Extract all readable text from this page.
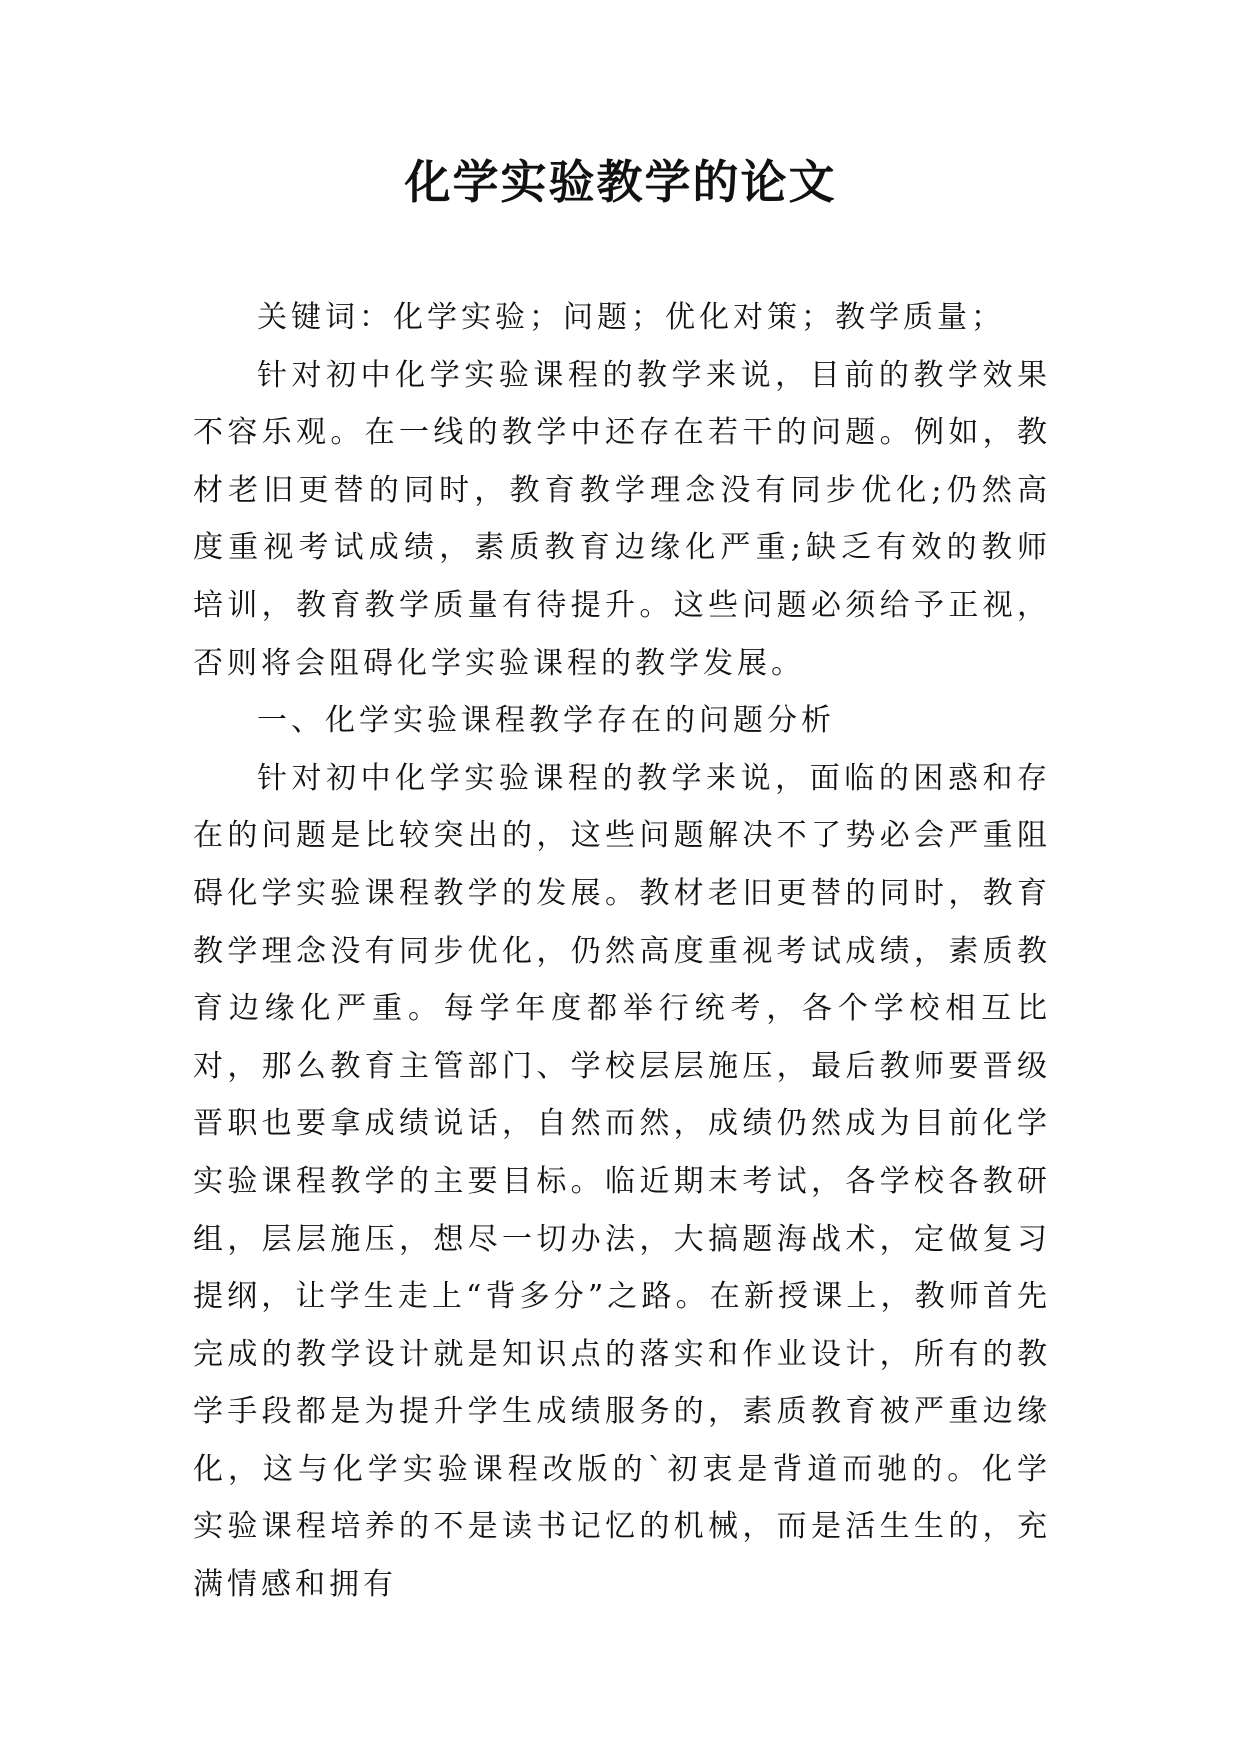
化学实验教学的论文

关键词：化学实验；问题；优化对策；教学质量；

针对初中化学实验课程的教学来说，目前的教学效果不容乐观。在一线的教学中还存在若干的问题。例如，教材老旧更替的同时，教育教学理念没有同步优化;仍然高度重视考试成绩，素质教育边缘化严重;缺乏有效的教师培训，教育教学质量有待提升。这些问题必须给予正视，否则将会阻碍化学实验课程的教学发展。

一、化学实验课程教学存在的问题分析

针对初中化学实验课程的教学来说，面临的困惑和存在的问题是比较突出的，这些问题解决不了势必会严重阻碍化学实验课程教学的发展。教材老旧更替的同时，教育教学理念没有同步优化，仍然高度重视考试成绩，素质教育边缘化严重。每学年度都举行统考，各个学校相互比对，那么教育主管部门、学校层层施压，最后教师要晋级晋职也要拿成绩说话，自然而然，成绩仍然成为目前化学实验课程教学的主要目标。临近期末考试，各学校各教研组，层层施压，想尽一切办法，大搞题海战术，定做复习提纲，让学生走上“背多分”之路。在新授课上，教师首先完成的教学设计就是知识点的落实和作业设计，所有的教学手段都是为提升学生成绩服务的，素质教育被严重边缘化，这与化学实验课程改版的`初衷是背道而驰的。化学实验课程培养的不是读书记忆的机械，而是活生生的，充满情感和拥有
